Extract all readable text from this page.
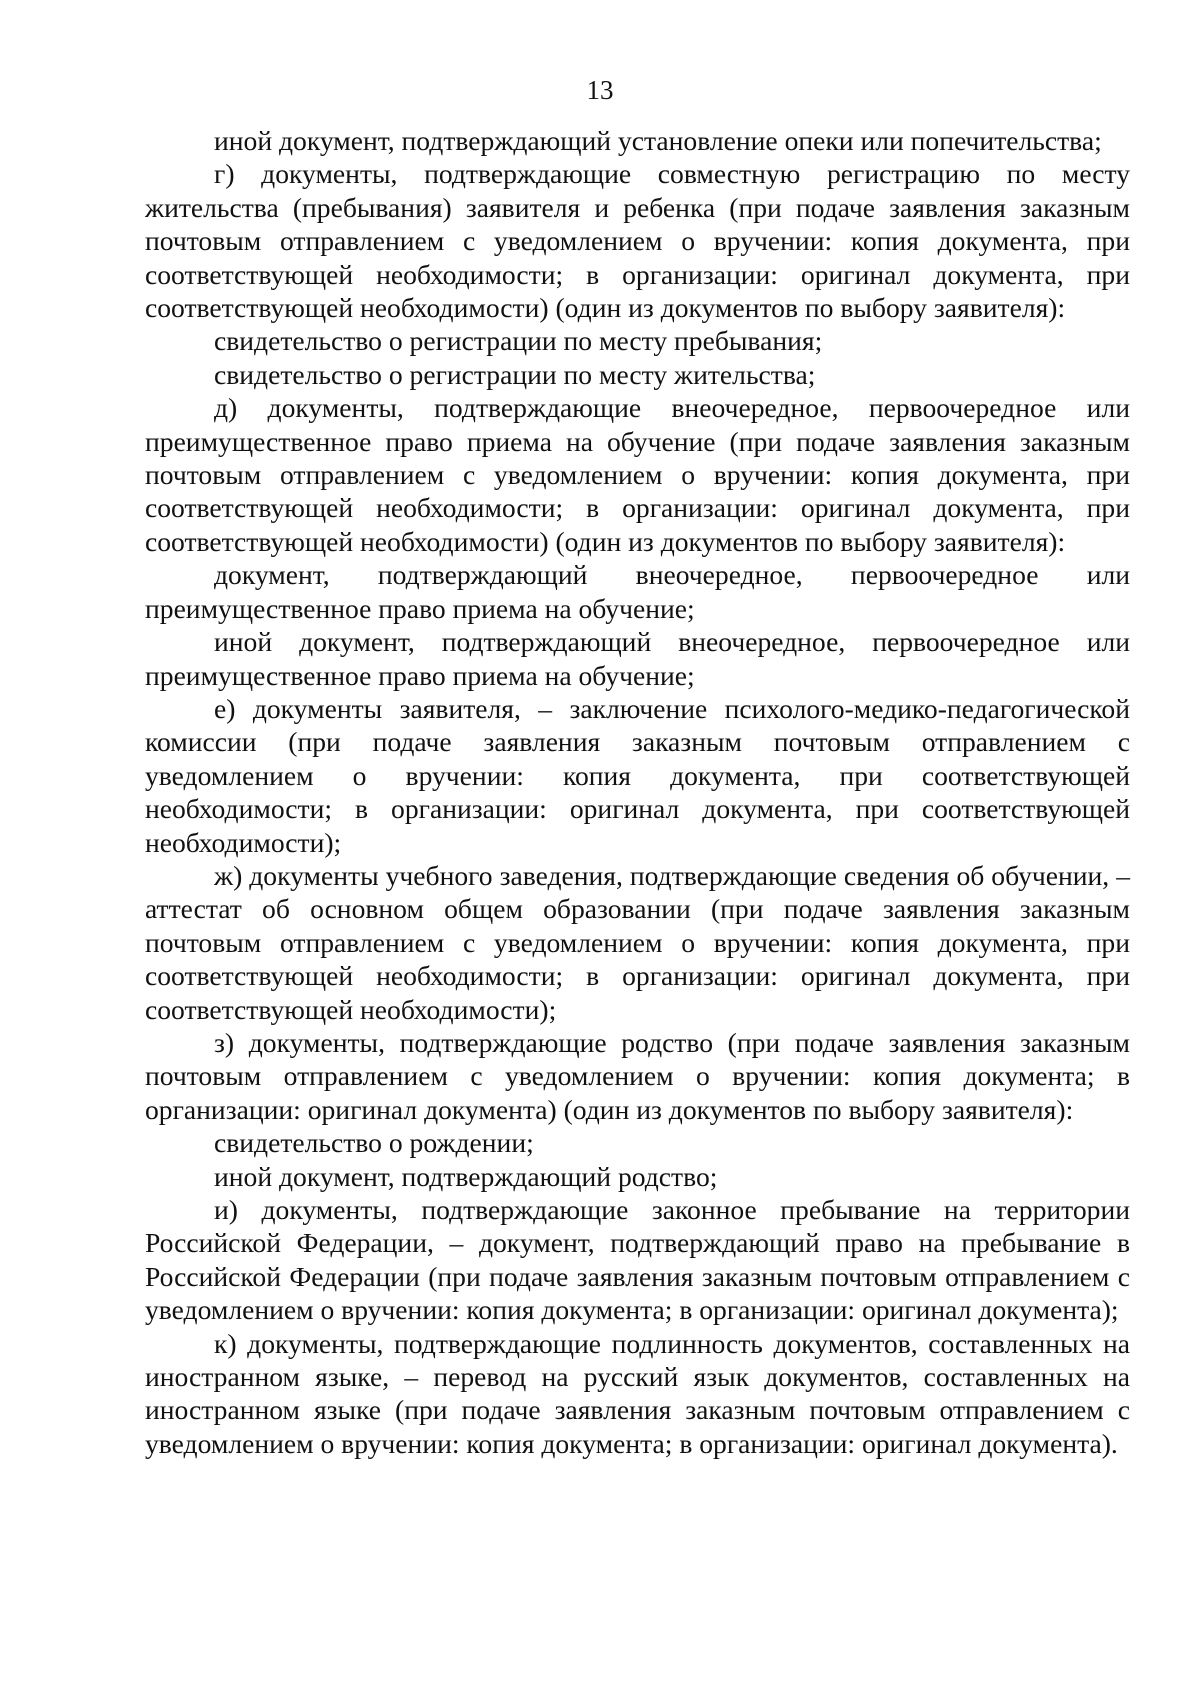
13

иной документ, подтверждающий установление опеки или попечительства;

г) документы, подтверждающие совместную регистрацию по месту жительства (пребывания) заявителя и ребенка (при подаче заявления заказным почтовым отправлением с уведомлением о вручении: копия документа, при соответствующей необходимости; в организации: оригинал документа, при соответствующей необходимости) (один из документов по выбору заявителя):

свидетельство о регистрации по месту пребывания;

свидетельство о регистрации по месту жительства;

д) документы, подтверждающие внеочередное, первоочередное или преимущественное право приема на обучение (при подаче заявления заказным почтовым отправлением с уведомлением о вручении: копия документа, при соответствующей необходимости; в организации: оригинал документа, при соответствующей необходимости) (один из документов по выбору заявителя):

документ, подтверждающий внеочередное, первоочередное или преимущественное право приема на обучение;

иной документ, подтверждающий внеочередное, первоочередное или преимущественное право приема на обучение;

е) документы заявителя, – заключение психолого-медико-педагогической комиссии (при подаче заявления заказным почтовым отправлением с уведомлением о вручении: копия документа, при соответствующей необходимости; в организации: оригинал документа, при соответствующей необходимости);

ж) документы учебного заведения, подтверждающие сведения об обучении, – аттестат об основном общем образовании (при подаче заявления заказным почтовым отправлением с уведомлением о вручении: копия документа, при соответствующей необходимости; в организации: оригинал документа, при соответствующей необходимости);

з) документы, подтверждающие родство (при подаче заявления заказным почтовым отправлением с уведомлением о вручении: копия документа; в организации: оригинал документа) (один из документов по выбору заявителя):

свидетельство о рождении;

иной документ, подтверждающий родство;

и) документы, подтверждающие законное пребывание на территории Российской Федерации, – документ, подтверждающий право на пребывание в Российской Федерации (при подаче заявления заказным почтовым отправлением с уведомлением о вручении: копия документа; в организации: оригинал документа);

к) документы, подтверждающие подлинность документов, составленных на иностранном языке, – перевод на русский язык документов, составленных на иностранном языке (при подаче заявления заказным почтовым отправлением с уведомлением о вручении: копия документа; в организации: оригинал документа).
